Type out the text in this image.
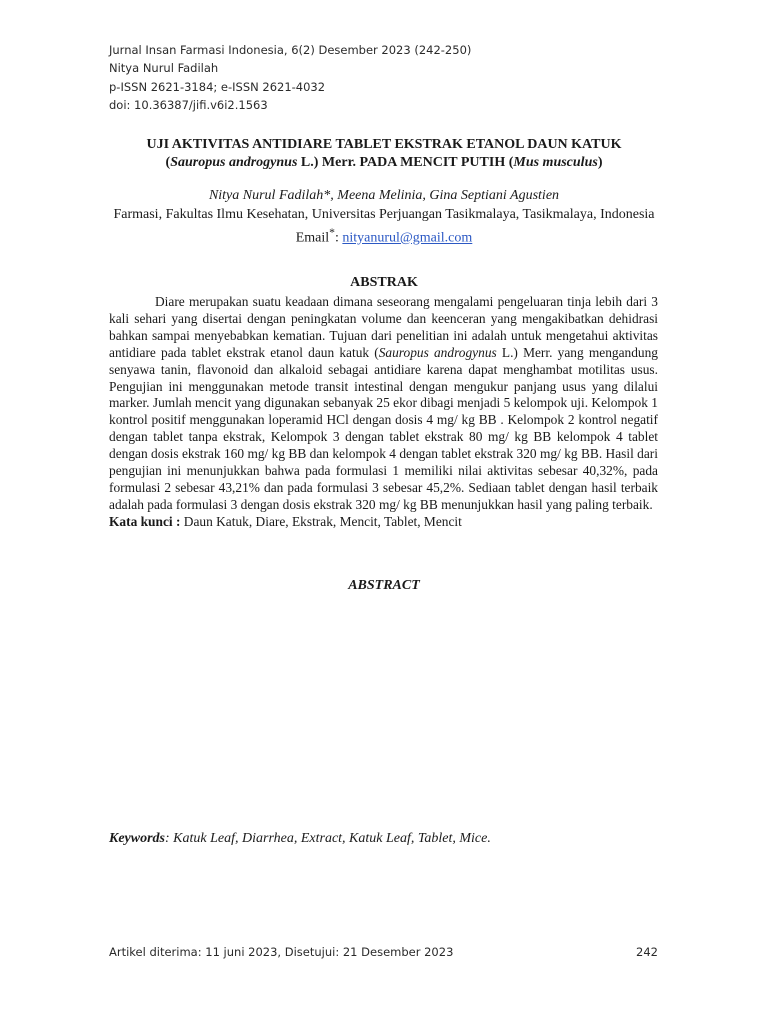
Jurnal Insan Farmasi Indonesia, 6(2) Desember 2023 (242-250)
Nitya Nurul Fadilah
p-ISSN 2621-3184; e-ISSN 2621-4032
doi: 10.36387/jifi.v6i2.1563
UJI AKTIVITAS ANTIDIARE TABLET EKSTRAK ETANOL DAUN KATUK
(Sauropus androgynus L.) Merr. PADA MENCIT PUTIH (Mus musculus)
Nitya Nurul Fadilah*, Meena Melinia, Gina Septiani Agustien
Farmasi, Fakultas Ilmu Kesehatan, Universitas Perjuangan Tasikmalaya, Tasikmalaya, Indonesia
Email*: nityanurul@gmail.com
ABSTRAK

Diare merupakan suatu keadaan dimana seseorang mengalami pengeluaran tinja lebih dari 3 kali sehari yang disertai dengan peningkatan volume dan keenceran yang mengakibatkan dehidrasi bahkan sampai menyebabkan kematian. Tujuan dari penelitian ini adalah untuk mengetahui aktivitas antidiare pada tablet ekstrak etanol daun katuk (Sauropus androgynus L.) Merr. yang mengandung senyawa tanin, flavonoid dan alkaloid sebagai antidiare karena dapat menghambat motilitas usus. Pengujian ini menggunakan metode transit intestinal dengan mengukur panjang usus yang dilalui marker. Jumlah mencit yang digunakan sebanyak 25 ekor dibagi menjadi 5 kelompok uji. Kelompok 1 kontrol positif menggunakan loperamid HCl dengan dosis 4 mg/ kg BB . Kelompok 2 kontrol negatif dengan tablet tanpa ekstrak, Kelompok 3 dengan tablet ekstrak 80 mg/ kg BB kelompok 4 tablet dengan dosis ekstrak 160 mg/ kg BB dan kelompok 4 dengan tablet ekstrak 320 mg/ kg BB. Hasil dari pengujian ini menunjukkan bahwa pada formulasi 1 memiliki nilai aktivitas sebesar 40,32%, pada formulasi 2 sebesar 43,21% dan pada formulasi 3 sebesar 45,2%. Sediaan tablet dengan hasil terbaik adalah pada formulasi 3 dengan dosis ekstrak 320 mg/ kg BB menunjukkan hasil yang paling terbaik.

Kata kunci : Daun Katuk, Diare, Ekstrak, Mencit, Tablet, Mencit

ABSTRACT
Keywords: Katuk Leaf, Diarrhea, Extract, Katuk Leaf, Tablet, Mice.
Artikel diterima: 11 juni 2023, Disetujui: 21 Desember 2023	242
